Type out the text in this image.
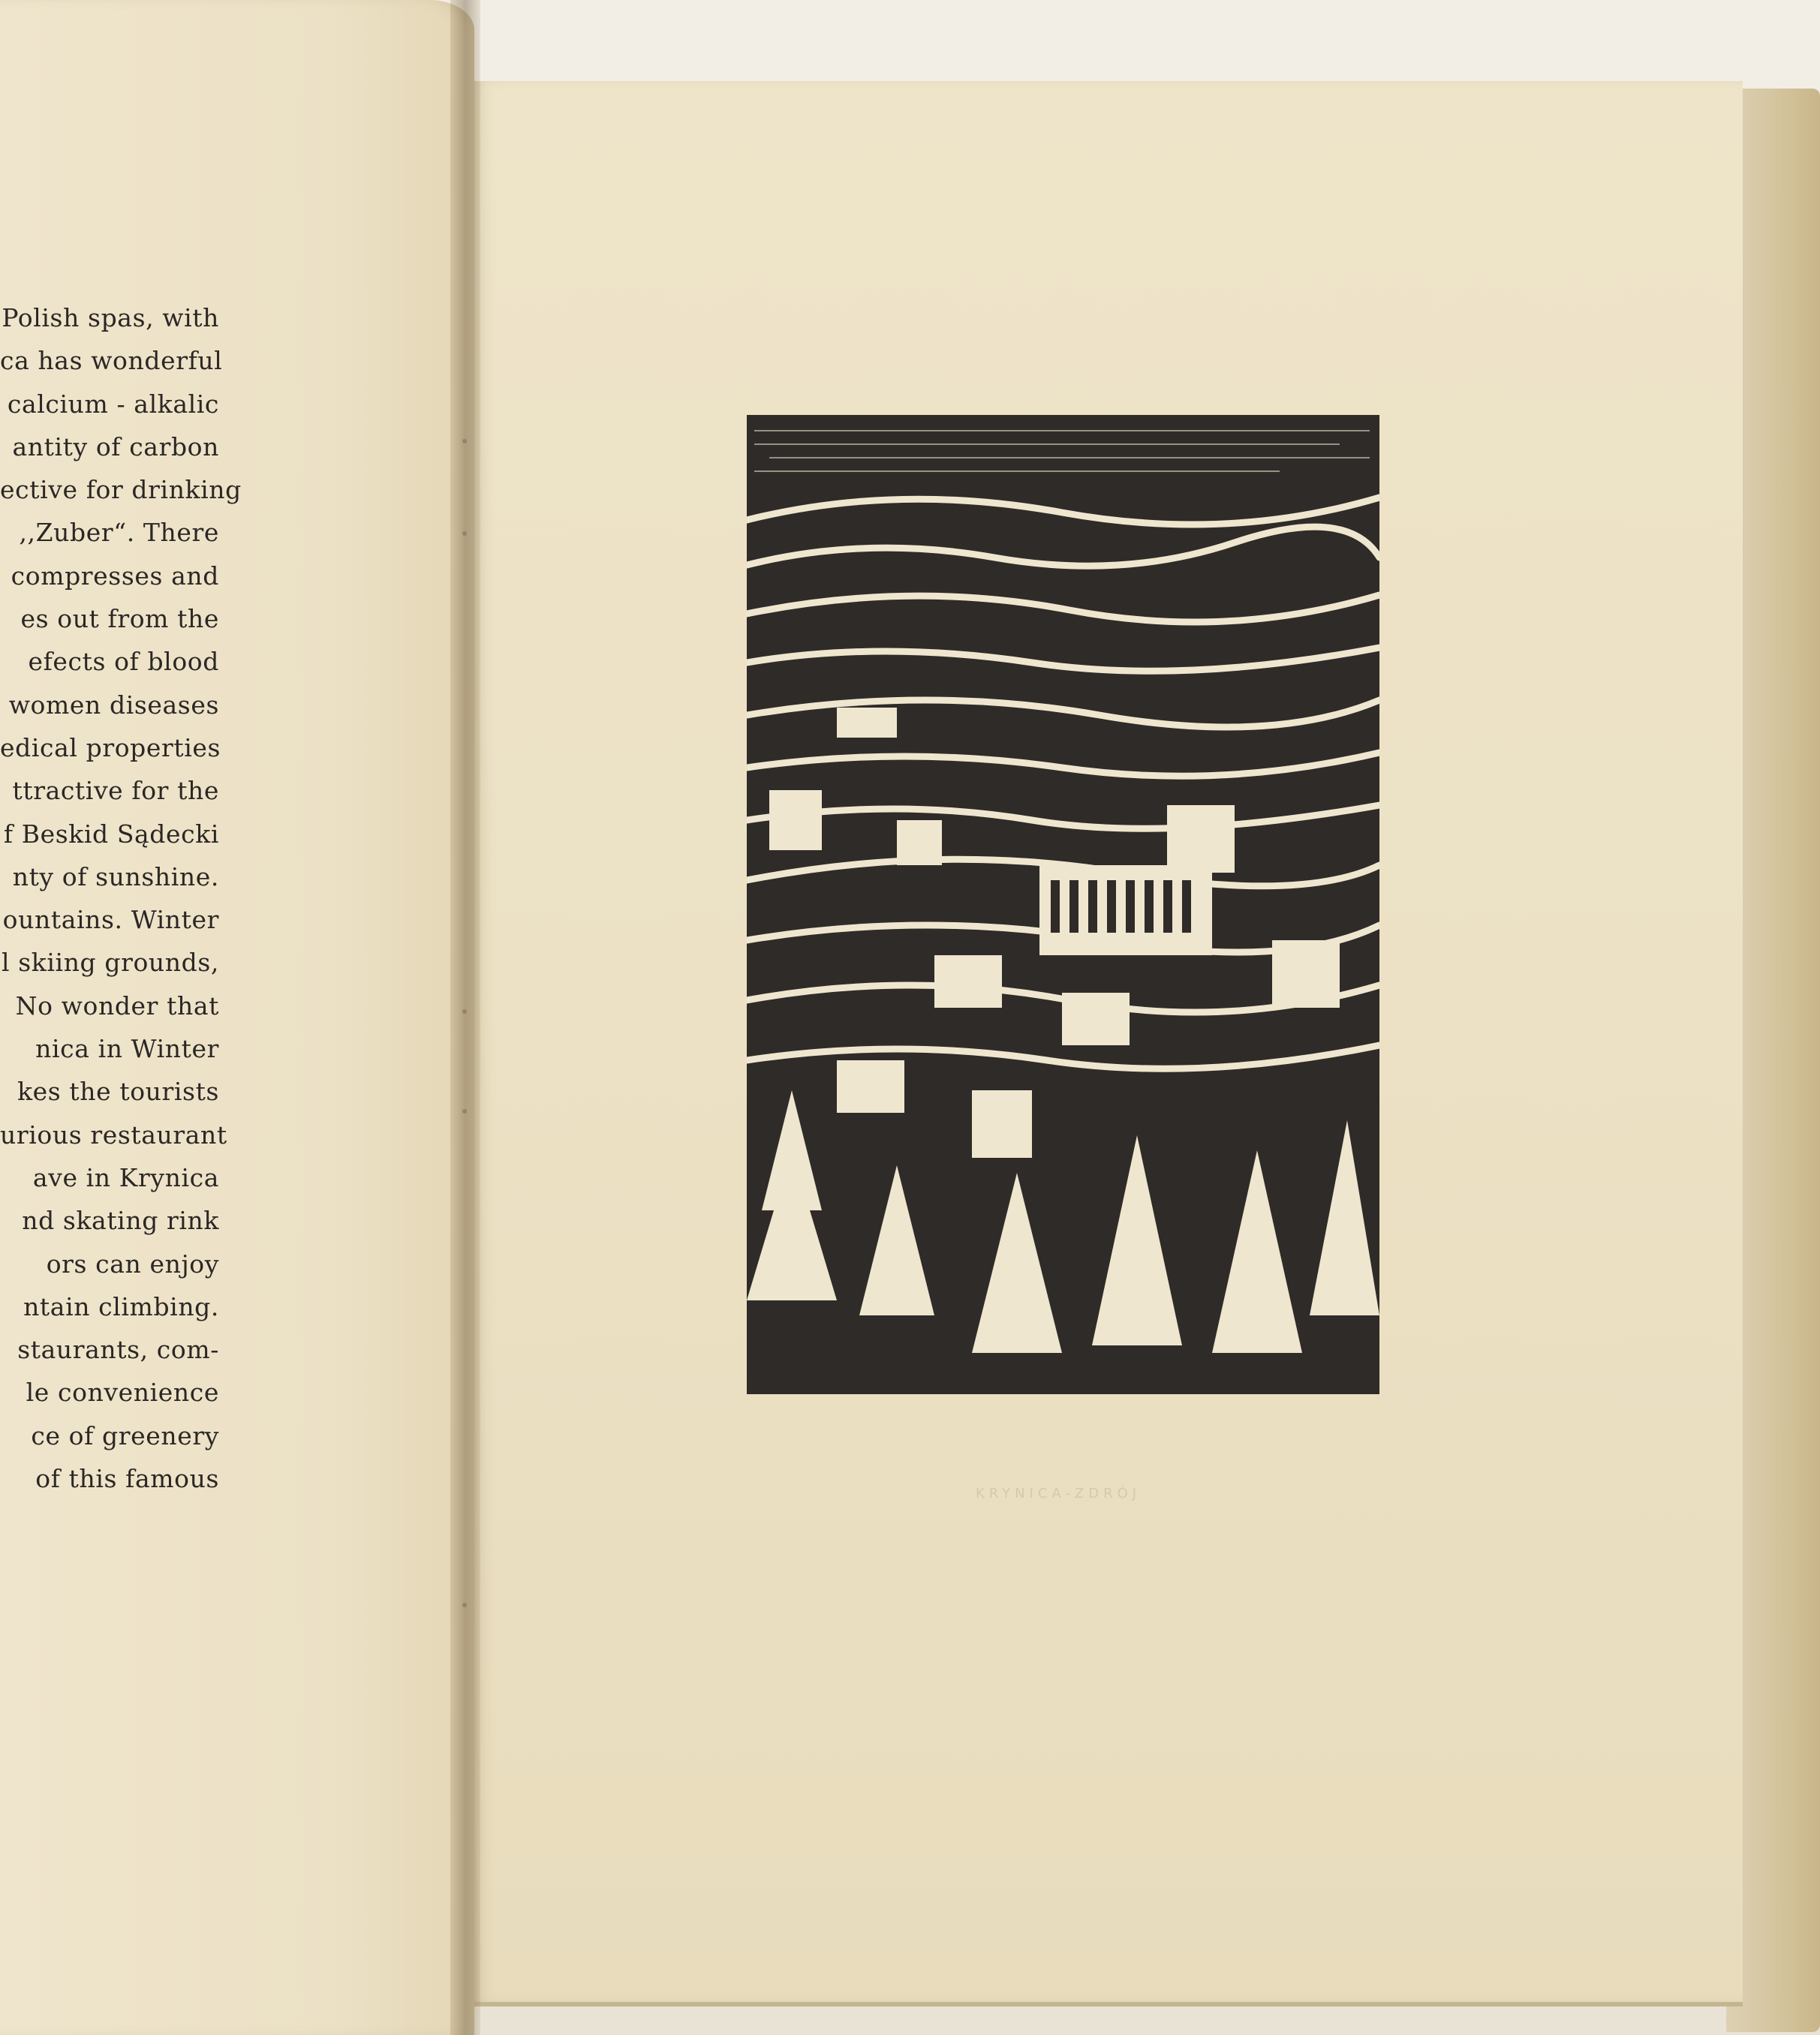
Polish spas, with
ca has wonderful
calcium - alkalic
antity of carbon
ective for drinking
,,Zuber“. There
compresses and
es out from the
efects of blood
women diseases
edical properties
ttractive for the
f Beskid Sądecki
nty of sunshine.
ountains. Winter
l skiing grounds,
No wonder that
nica in Winter
kes the tourists
urious restaurant
ave in Krynica
nd skating rink
ors can enjoy
ntain climbing.
staurants, com-
le convenience
ce of greenery
of this famous
KRYNICA-ZDRÓJ
